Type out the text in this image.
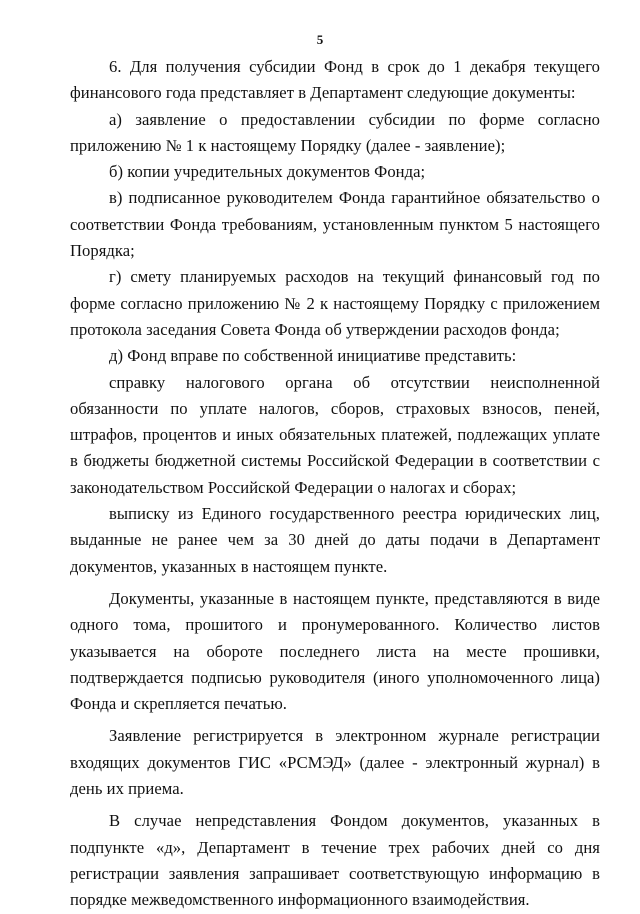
5

6. Для получения субсидии Фонд в срок до 1 декабря текущего финансового года представляет в Департамент следующие документы:

а) заявление о предоставлении субсидии по форме согласно приложению № 1 к настоящему Порядку (далее - заявление);

б) копии учредительных документов Фонда;

в) подписанное руководителем Фонда гарантийное обязательство о соответствии Фонда требованиям, установленным пунктом 5 настоящего Порядка;

г) смету планируемых расходов на текущий финансовый год по форме согласно приложению № 2 к настоящему Порядку с приложением протокола заседания Совета Фонда об утверждении расходов фонда;

д) Фонд вправе по собственной инициативе представить:

справку налогового органа об отсутствии неисполненной обязанности по уплате налогов, сборов, страховых взносов, пеней, штрафов, процентов и иных обязательных платежей, подлежащих уплате в бюджеты бюджетной системы Российской Федерации в соответствии с законодательством Российской Федерации о налогах и сборах;

выписку из Единого государственного реестра юридических лиц, выданные не ранее чем за 30 дней до даты подачи в Департамент документов, указанных в настоящем пункте.

Документы, указанные в настоящем пункте, представляются в виде одного тома, прошитого и пронумерованного. Количество листов указывается на обороте последнего листа на месте прошивки, подтверждается подписью руководителя (иного уполномоченного лица) Фонда и скрепляется печатью.

Заявление регистрируется в электронном журнале регистрации входящих документов ГИС «РСМЭД» (далее - электронный журнал) в день их приема.

В случае непредставления Фондом документов, указанных в подпункте «д», Департамент в течение трех рабочих дней со дня регистрации заявления запрашивает соответствующую информацию в порядке межведомственного информационного взаимодействия.
